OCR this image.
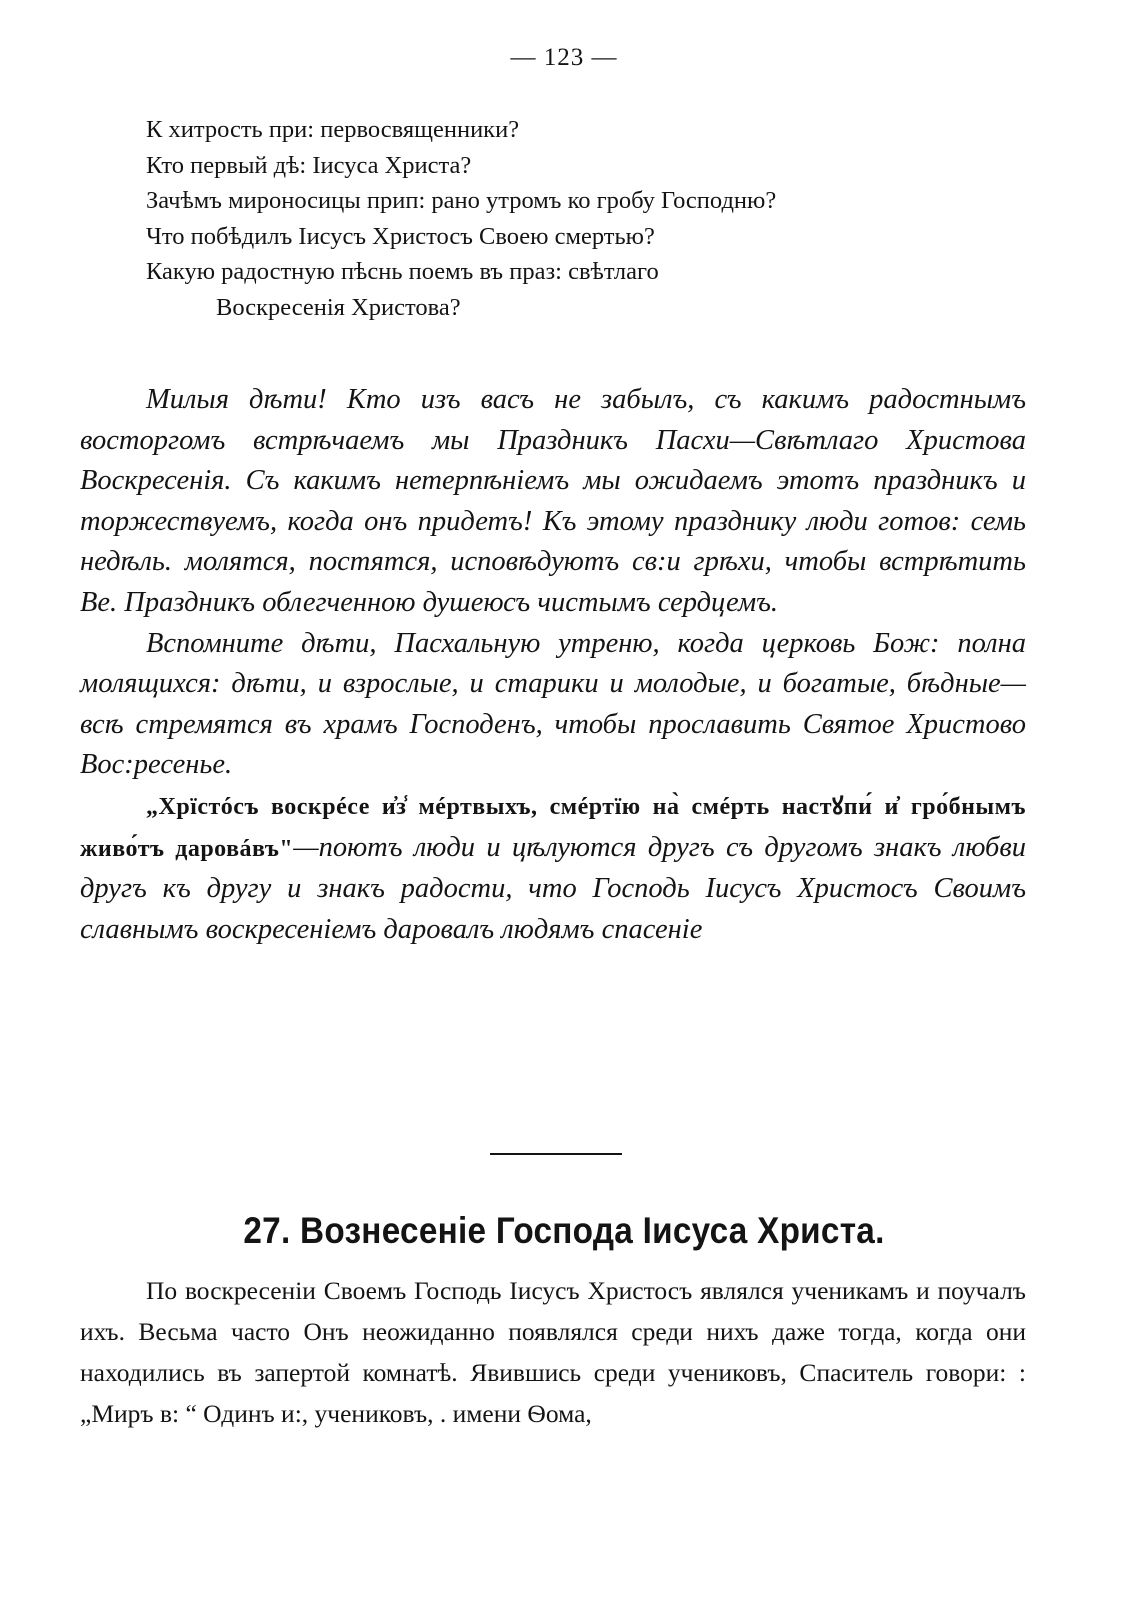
— 123 —
К хитрость при: первосвященники?
Кто первый дѣ: Iисуса Христа?
Зачѣмъ мироносицы прип: рано утромъ ко гробу Господню?
Что побѣдилъ Iисусъ Христосъ Своею смертью?
Какую радостную пѣснь поемъ въ праз: свѣтлаго
Воскресенiя Христова?

Милыя дѣти! Кто изъ васъ не забылъ, съ какимъ радостнымъ восторгомъ встрѣчаемъ мы Праздникъ Пасхи—Свѣтлаго Христова Воскресенiя. Съ какимъ нетерпѣнiемъ мы ожидаемъ этотъ праздникъ и торжествуемъ, когда онъ придетъ! Къ этому празднику люди готов: семь недѣль. молятся, постятся, исповѣдуютъ св:и грѣхи, чтобы встрѣтить Ве. Праздникъ облегченною душеюсъ чистымъ сердцемъ.

Вспомните дѣти, Пасхальную утреню, когда церковь Бож: полна молящихся: дѣти, и взрослые, и старики и молодые, и богатые, бѣдные—всѣ стремятся въ храмъ Господенъ, чтобы прославить Святое Христово Вос:ресенье.

„Хрїстóсъ воскрéсе и҆з̾ мéртвыхъ, смéртїю на̀ смéрть настꙋпи́ и҆ гро́бнымъ живо́тъ даровáвъ"—поютъ люди и цѣлуются другъ съ другомъ знакъ любви другъ къ другу и знакъ радости, что Господь Iисусъ Христосъ Своимъ славнымъ воскресенiемъ даровалъ людямъ спасенiе

27. Вознесенiе Господа Iисуса Христа.

По воскресенiи Своемъ Господь Iисусъ Христосъ являлся ученикамъ и поучалъ ихъ. Весьма часто Онъ неожиданно появлялся среди нихъ даже тогда, когда они находились въ запертой комнатѣ. Явившись среди учениковъ, Спаситель говори: : „Миръ в: “ Одинъ и:, учениковъ, . имени Ѳома,
